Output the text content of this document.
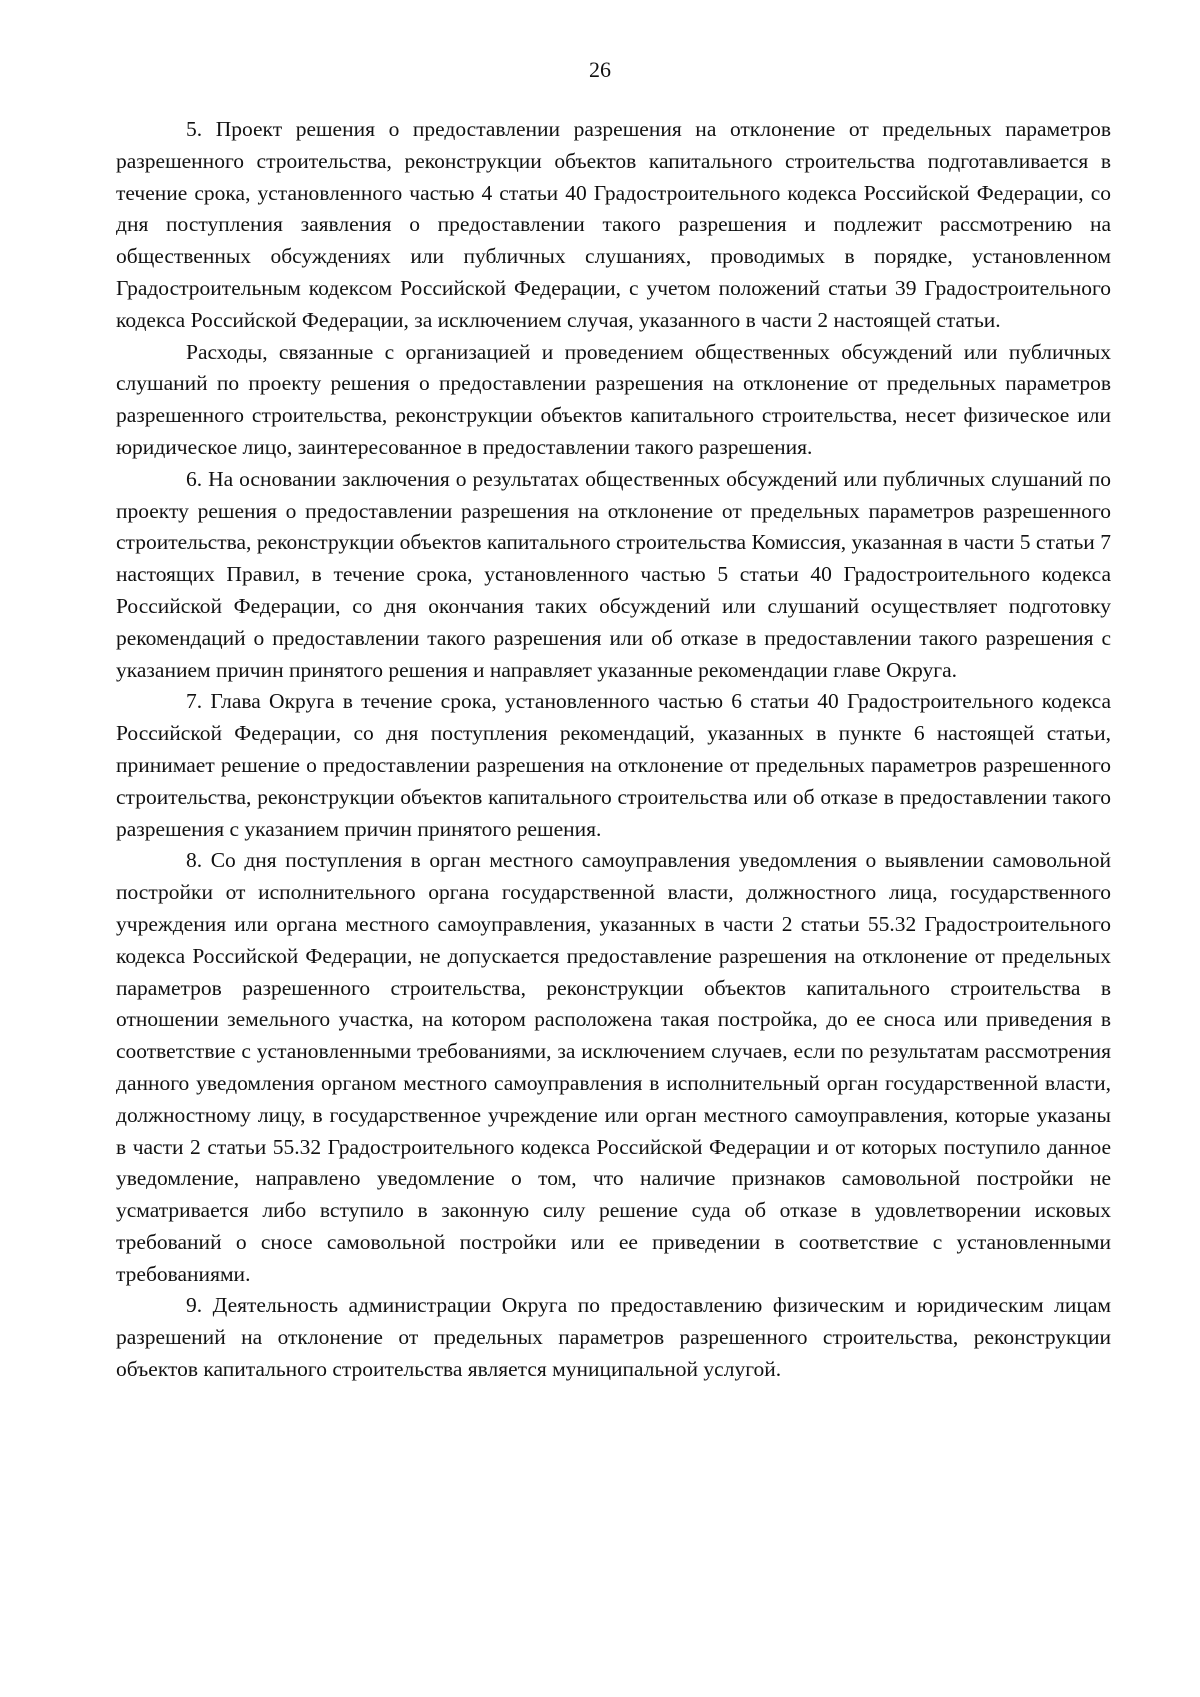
26

5. Проект решения о предоставлении разрешения на отклонение от предельных параметров разрешенного строительства, реконструкции объектов капитального строительства подготавливается в течение срока, установленного частью 4 статьи 40 Градостроительного кодекса Российской Федерации, со дня поступления заявления о предоставлении такого разрешения и подлежит рассмотрению на общественных обсуждениях или публичных слушаниях, проводимых в порядке, установленном Градостроительным кодексом Российской Федерации, с учетом положений статьи 39 Градостроительного кодекса Российской Федерации, за исключением случая, указанного в части 2 настоящей статьи.

Расходы, связанные с организацией и проведением общественных обсуждений или публичных слушаний по проекту решения о предоставлении разрешения на отклонение от предельных параметров разрешенного строительства, реконструкции объектов капитального строительства, несет физическое или юридическое лицо, заинтересованное в предоставлении такого разрешения.

6. На основании заключения о результатах общественных обсуждений или публичных слушаний по проекту решения о предоставлении разрешения на отклонение от предельных параметров разрешенного строительства, реконструкции объектов капитального строительства Комиссия, указанная в части 5 статьи 7 настоящих Правил, в течение срока, установленного частью 5 статьи 40 Градостроительного кодекса Российской Федерации, со дня окончания таких обсуждений или слушаний осуществляет подготовку рекомендаций о предоставлении такого разрешения или об отказе в предоставлении такого разрешения с указанием причин принятого решения и направляет указанные рекомендации главе Округа.

7. Глава Округа в течение срока, установленного частью 6 статьи 40 Градостроительного кодекса Российской Федерации, со дня поступления рекомендаций, указанных в пункте 6 настоящей статьи, принимает решение о предоставлении разрешения на отклонение от предельных параметров разрешенного строительства, реконструкции объектов капитального строительства или об отказе в предоставлении такого разрешения с указанием причин принятого решения.

8. Со дня поступления в орган местного самоуправления уведомления о выявлении самовольной постройки от исполнительного органа государственной власти, должностного лица, государственного учреждения или органа местного самоуправления, указанных в части 2 статьи 55.32 Градостроительного кодекса Российской Федерации, не допускается предоставление разрешения на отклонение от предельных параметров разрешенного строительства, реконструкции объектов капитального строительства в отношении земельного участка, на котором расположена такая постройка, до ее сноса или приведения в соответствие с установленными требованиями, за исключением случаев, если по результатам рассмотрения данного уведомления органом местного самоуправления в исполнительный орган государственной власти, должностному лицу, в государственное учреждение или орган местного самоуправления, которые указаны в части 2 статьи 55.32 Градостроительного кодекса Российской Федерации и от которых поступило данное уведомление, направлено уведомление о том, что наличие признаков самовольной постройки не усматривается либо вступило в законную силу решение суда об отказе в удовлетворении исковых требований о сносе самовольной постройки или ее приведении в соответствие с установленными требованиями.

9. Деятельность администрации Округа по предоставлению физическим и юридическим лицам разрешений на отклонение от предельных параметров разрешенного строительства, реконструкции объектов капитального строительства является муниципальной услугой.
